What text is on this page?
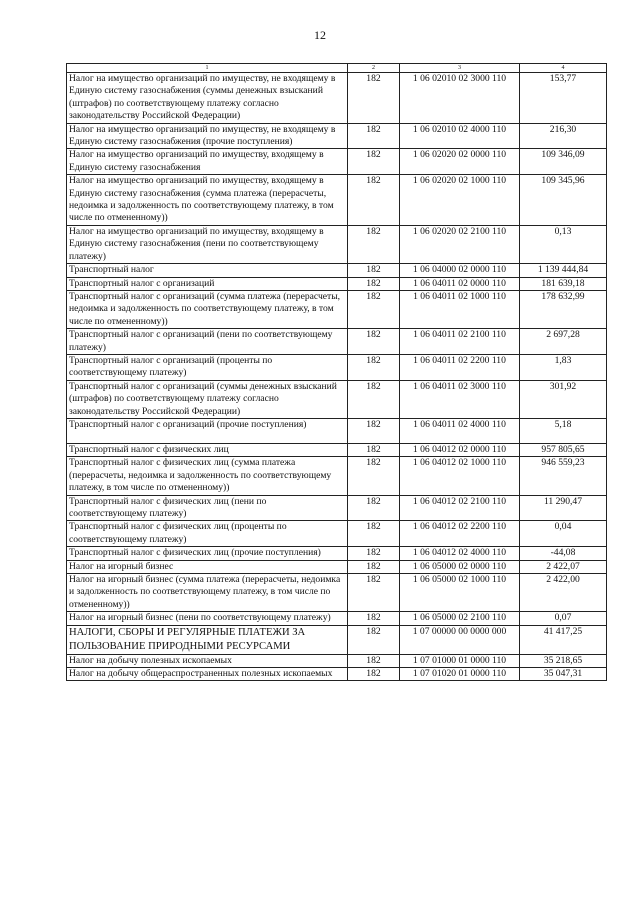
12
1	2	3	4
Налог на имущество организаций по имуществу, не входящему в Единую систему газоснабжения (суммы денежных взысканий (штрафов) по соответствующему платежу согласно законодательству Российской Федерации)	182	1 06 02010 02 3000 110	153,77
Налог на имущество организаций по имуществу, не входящему в Единую систему газоснабжения (прочие поступления)	182	1 06 02010 02 4000 110	216,30
Налог на имущество организаций по имуществу, входящему в Единую систему газоснабжения	182	1 06 02020 02 0000 110	109 346,09
Налог на имущество организаций по имуществу, входящему в Единую систему газоснабжения (сумма платежа (перерасчеты, недоимка и задолженность по соответствующему платежу, в том числе по отмененному))	182	1 06 02020 02 1000 110	109 345,96
Налог на имущество организаций по имуществу, входящему в Единую систему газоснабжения (пени по соответствующему платежу)	182	1 06 02020 02 2100 110	0,13
Транспортный налог	182	1 06 04000 02 0000 110	1 139 444,84
Транспортный налог с организаций	182	1 06 04011 02 0000 110	181 639,18
Транспортный налог с организаций (сумма платежа (перерасчеты, недоимка и задолженность по соответствующему платежу, в том числе по отмененному))	182	1 06 04011 02 1000 110	178 632,99
Транспортный налог с организаций (пени по соответствующему платежу)	182	1 06 04011 02 2100 110	2 697,28
Транспортный налог с организаций (проценты по соответствующему платежу)	182	1 06 04011 02 2200 110	1,83
Транспортный налог с организаций (суммы денежных взысканий (штрафов) по соответствующему платежу согласно законодательству Российской Федерации)	182	1 06 04011 02 3000 110	301,92
Транспортный налог с организаций (прочие поступления)	182	1 06 04011 02 4000 110	5,18
Транспортный налог с физических лиц	182	1 06 04012 02 0000 110	957 805,65
Транспортный налог с физических лиц (сумма платежа (перерасчеты, недоимка и задолженность по соответствующему платежу, в том числе по отмененному))	182	1 06 04012 02 1000 110	946 559,23
Транспортный налог с физических лиц (пени по соответствующему платежу)	182	1 06 04012 02 2100 110	11 290,47
Транспортный налог с физических лиц (проценты по соответствующему платежу)	182	1 06 04012 02 2200 110	0,04
Транспортный налог с физических лиц (прочие поступления)	182	1 06 04012 02 4000 110	-44,08
Налог на игорный бизнес	182	1 06 05000 02 0000 110	2 422,07
Налог на игорный бизнес (сумма платежа (перерасчеты, недоимка и задолженность по соответствующему платежу, в том числе по отмененному))	182	1 06 05000 02 1000 110	2 422,00
Налог на игорный бизнес (пени по соответствующему платежу)	182	1 06 05000 02 2100 110	0,07
НАЛОГИ, СБОРЫ И РЕГУЛЯРНЫЕ ПЛАТЕЖИ ЗА ПОЛЬЗОВАНИЕ ПРИРОДНЫМИ РЕСУРСАМИ	182	1 07 00000 00 0000 000	41 417,25
Налог на добычу полезных ископаемых	182	1 07 01000 01 0000 110	35 218,65
Налог на добычу общераспространенных полезных ископаемых	182	1 07 01020 01 0000 110	35 047,31
